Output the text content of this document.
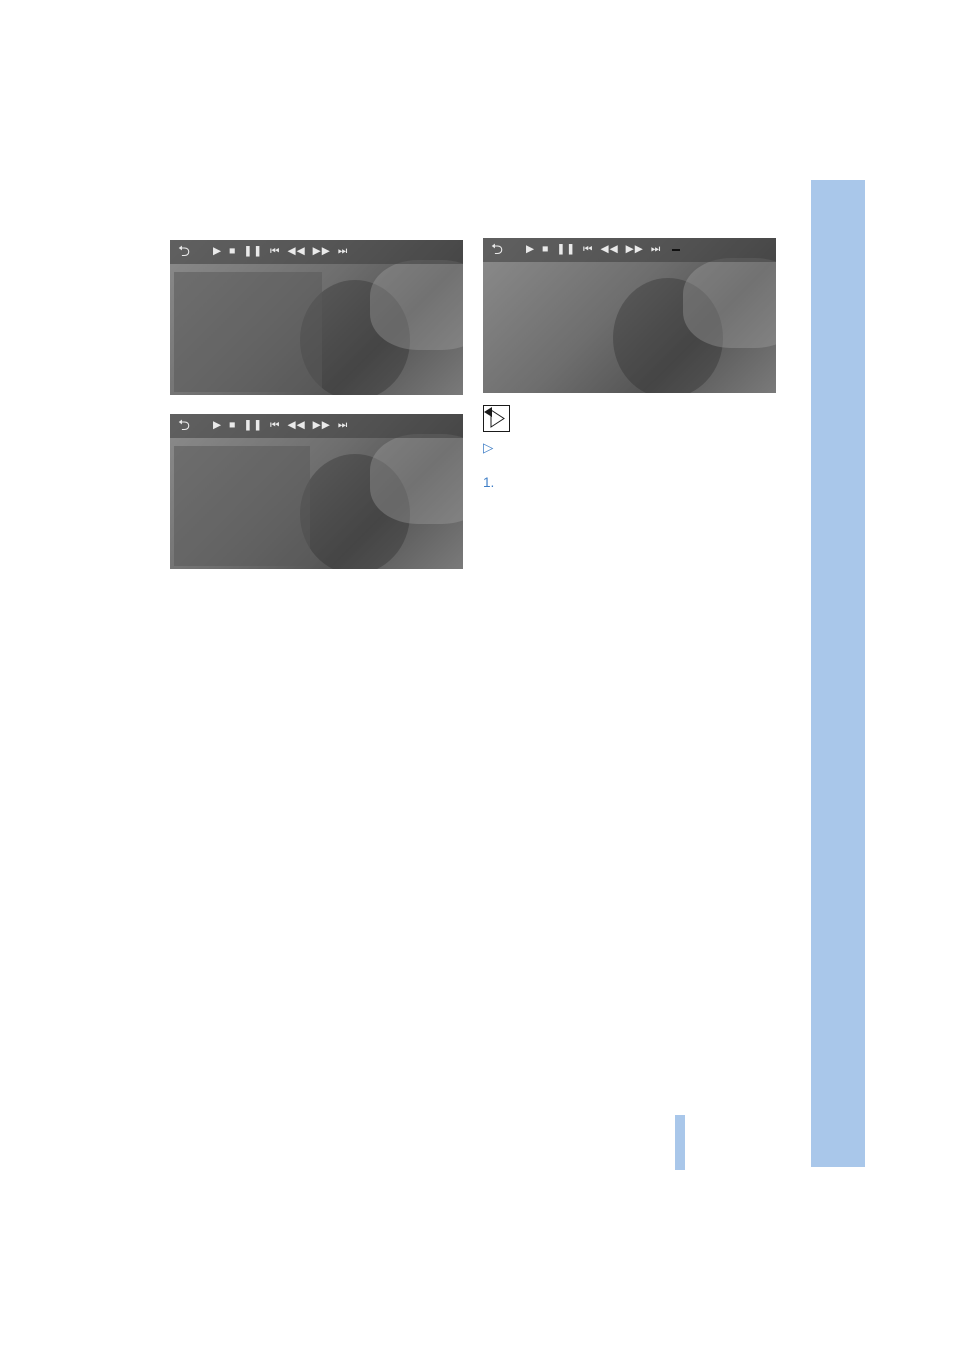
⮌ ▶ ■ ❚❚ ⏮ ◀◀ ▶▶ ⏭
⮌ ▶ ■ ❚❚ ⏮ ◀◀ ▶▶ ⏭
⮌ ▶ ■ ❚❚ ⏮ ◀◀ ▶▶ ⏭
▷
1.
